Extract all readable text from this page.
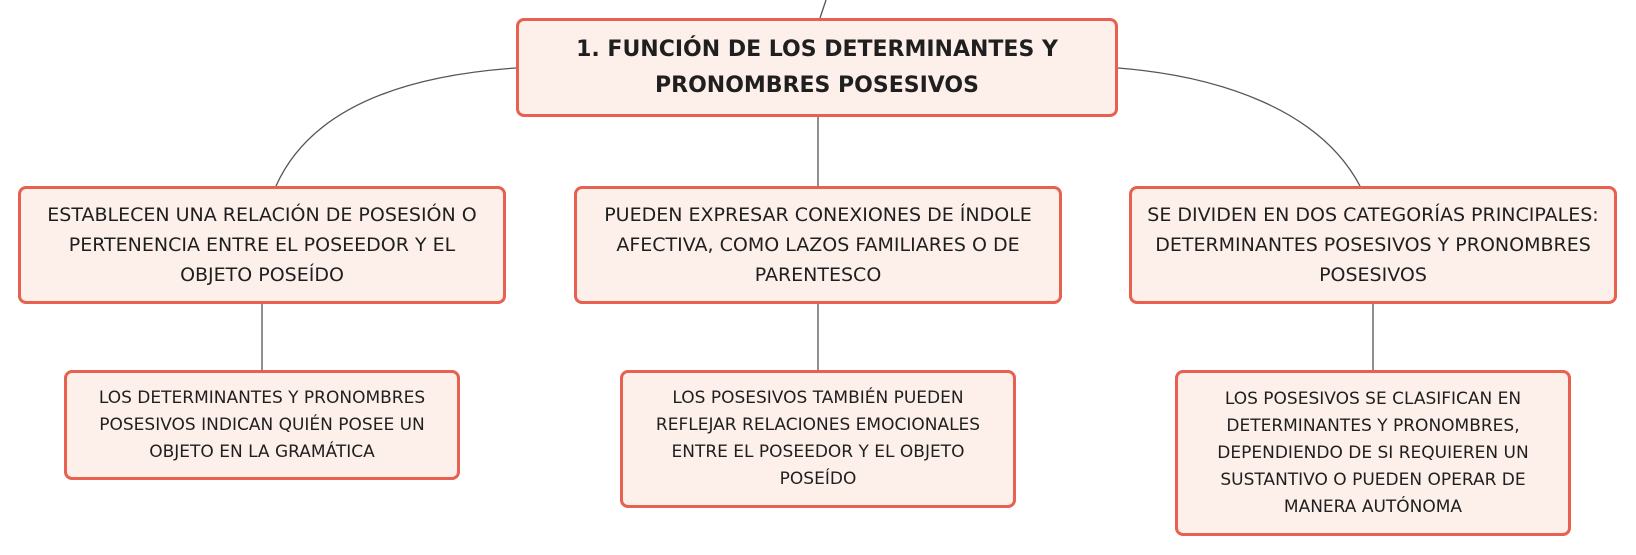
1. FUNCIÓN DE LOS DETERMINANTES Y PRONOMBRES POSESIVOS
ESTABLECEN UNA RELACIÓN DE POSESIÓN O PERTENENCIA ENTRE EL POSEEDOR Y EL OBJETO POSEÍDO
PUEDEN EXPRESAR CONEXIONES DE ÍNDOLE AFECTIVA, COMO LAZOS FAMILIARES O DE PARENTESCO
SE DIVIDEN EN DOS CATEGORÍAS PRINCIPALES: DETERMINANTES POSESIVOS Y PRONOMBRES POSESIVOS
LOS DETERMINANTES Y PRONOMBRES POSESIVOS INDICAN QUIÉN POSEE UN OBJETO EN LA GRAMÁTICA
LOS POSESIVOS TAMBIÉN PUEDEN REFLEJAR RELACIONES EMOCIONALES ENTRE EL POSEEDOR Y EL OBJETO POSEÍDO
LOS POSESIVOS SE CLASIFICAN EN DETERMINANTES Y PRONOMBRES, DEPENDIENDO DE SI REQUIEREN UN SUSTANTIVO O PUEDEN OPERAR DE MANERA AUTÓNOMA
